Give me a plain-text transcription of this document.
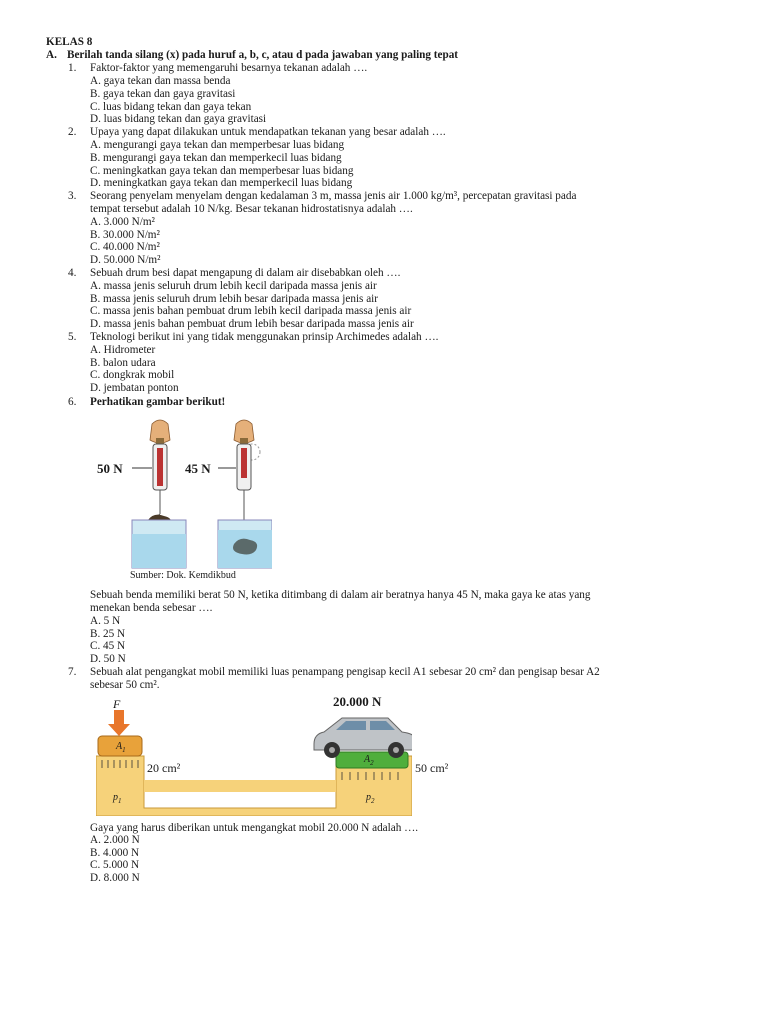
KELAS 8
A. Berilah tanda silang (x) pada huruf a, b, c, atau d pada jawaban yang paling tepat
1. Faktor-faktor yang memengaruhi besarnya tekanan adalah ….
A. gaya tekan dan massa benda
B. gaya tekan dan gaya gravitasi
C. luas bidang tekan dan gaya tekan
D. luas bidang tekan dan gaya gravitasi
2. Upaya yang dapat dilakukan untuk mendapatkan tekanan yang besar adalah ….
A. mengurangi gaya tekan dan memperbesar luas bidang
B. mengurangi gaya tekan dan memperkecil luas bidang
C. meningkatkan gaya tekan dan memperbesar luas bidang
D. meningkatkan gaya tekan dan memperkecil luas bidang
3. Seorang penyelam menyelam dengan kedalaman 3 m, massa jenis air 1.000 kg/m³, percepatan gravitasi pada
tempat tersebut adalah 10 N/kg. Besar tekanan hidrostatisnya adalah ….
A. 3.000 N/m²
B. 30.000 N/m²
C. 40.000 N/m²
D. 50.000 N/m²
4. Sebuah drum besi dapat mengapung di dalam air disebabkan oleh ….
A. massa jenis seluruh drum lebih kecil daripada massa jenis air
B. massa jenis seluruh drum lebih besar daripada massa jenis air
C. massa jenis bahan pembuat drum lebih kecil daripada massa jenis air
D. massa jenis bahan pembuat drum lebih besar daripada massa jenis air
5. Teknologi berikut ini yang tidak menggunakan prinsip Archimedes adalah ….
A. Hidrometer
B. balon udara
C. dongkrak mobil
D. jembatan ponton
6. Perhatikan gambar berikut!
50 N	45 N
Sumber: Dok. Kemdikbud
Sebuah benda memiliki berat 50 N, ketika ditimbang di dalam air beratnya hanya 45 N, maka gaya ke atas yang
menekan benda sebesar ….
A. 5 N
B. 25 N
C. 45 N
D. 50 N
7. Sebuah alat pengangkat mobil memiliki luas penampang pengisap kecil A1 sebesar 20 cm² dan pengisap besar A2
sebesar 50 cm².
F	20.000 N
20 cm²	50 cm²
$A_1$
$A_2$
$p_1$	$p_2$
Gaya yang harus diberikan untuk mengangkat mobil 20.000 N adalah ….
A. 2.000 N
B. 4.000 N
C. 5.000 N
D. 8.000 N
